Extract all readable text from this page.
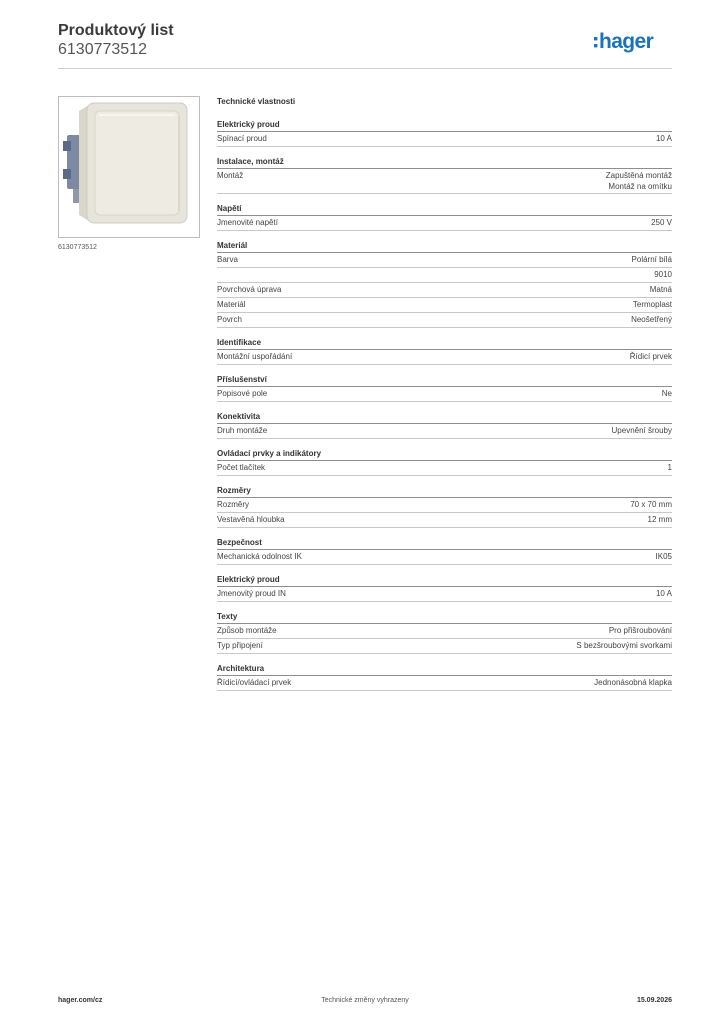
Produktový list
6130773512	hager
6130773512
Technické vlastnosti
Elektrický proud
Spínací proud	10 A
Instalace, montáž
Montáž	Zapuštěná montáž
Montáž na omítku
Napětí
Jmenovité napětí	250 V
Materiál
Barva	Polární bílá
9010
Povrchová úprava	Matná
Materiál	Termoplast
Povrch	Neošetřený
Identifikace
Montážní uspořádání	Řídicí prvek
Příslušenství
Popisové pole	Ne
Konektivita
Druh montáže	Upevnění šrouby
Ovládací prvky a indikátory
Počet tlačítek	1
Rozměry
Rozměry	70 x 70 mm
Vestavěná hloubka	12 mm
Bezpečnost
Mechanická odolnost IK	IK05
Elektrický proud
Jmenovitý proud IN	10 A
Texty
Způsob montáže	Pro přišroubování
Typ připojení	S bezšroubovými svorkami
Architektura
Řídicí/ovládací prvek	Jednonásobná klapka
Technické změny vyhrazeny
hager.com/cz	15.09.2026
